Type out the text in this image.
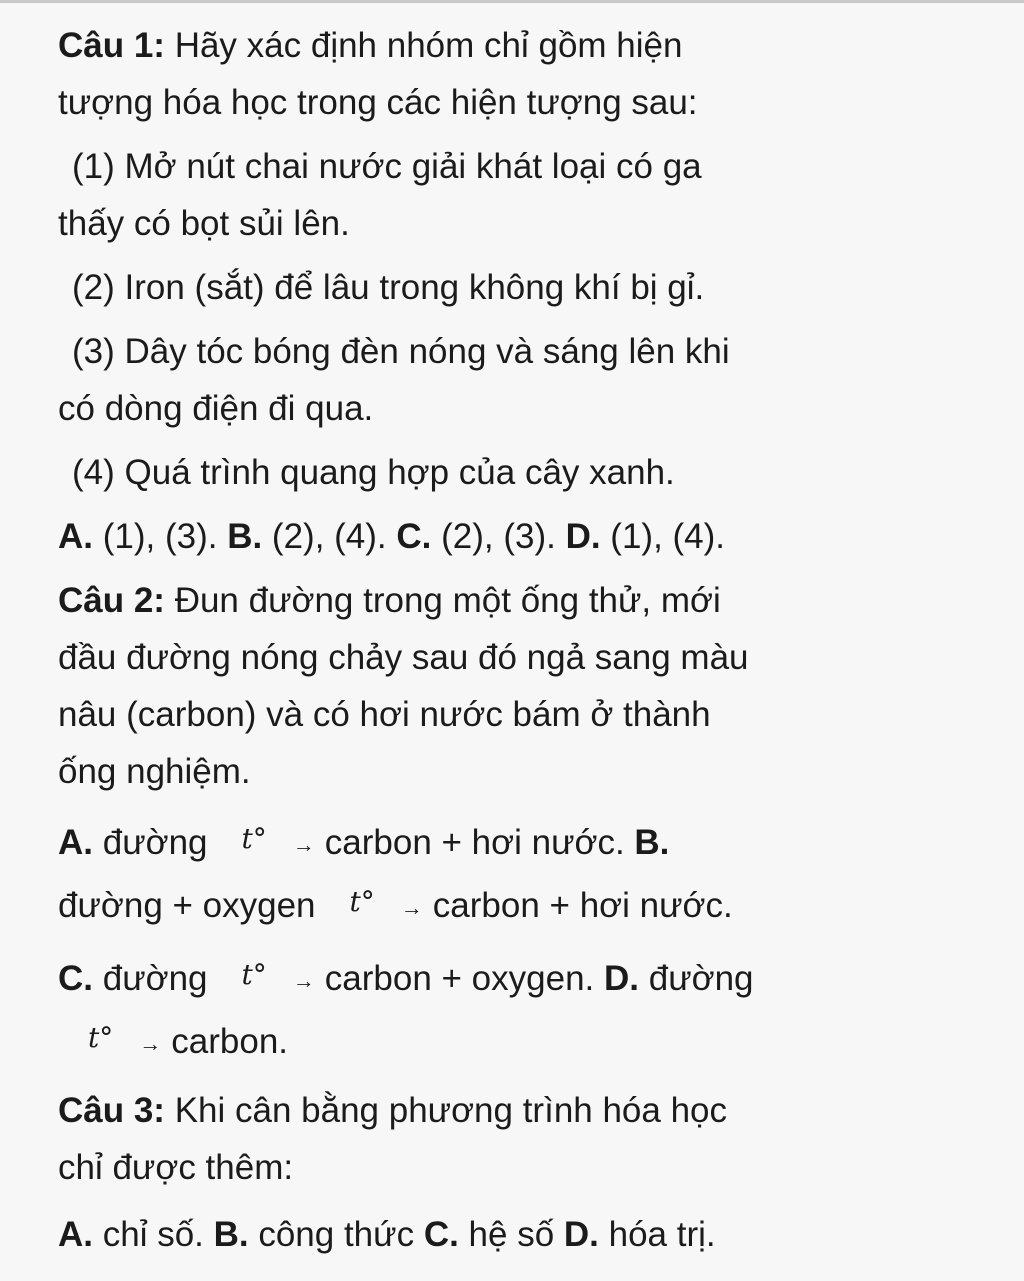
Câu 1: Hãy xác định nhóm chỉ gồm hiện
tượng hóa học trong các hiện tượng sau:
(1) Mở nút chai nước giải khát loại có ga
thấy có bọt sủi lên.
(2) Iron (sắt) để lâu trong không khí bị gỉ.
(3) Dây tóc bóng đèn nóng và sáng lên khi
có dòng điện đi qua.
(4) Quá trình quang hợp của cây xanh.
A. (1), (3). B. (2), (4). C. (2), (3). D. (1), (4).
Câu 2: Đun đường trong một ống thử, mới
đầu đường nóng chảy sau đó ngả sang màu
nâu (carbon) và có hơi nước bám ở thành
ống nghiệm.
A. đường t° → carbon + hơi nước. B.
đường + oxygen t° → carbon + hơi nước.
C. đường t° → carbon + oxygen. D. đường
t° → carbon.
Câu 3: Khi cân bằng phương trình hóa học
chỉ được thêm:
A. chỉ số. B. công thức C. hệ số D. hóa trị.
